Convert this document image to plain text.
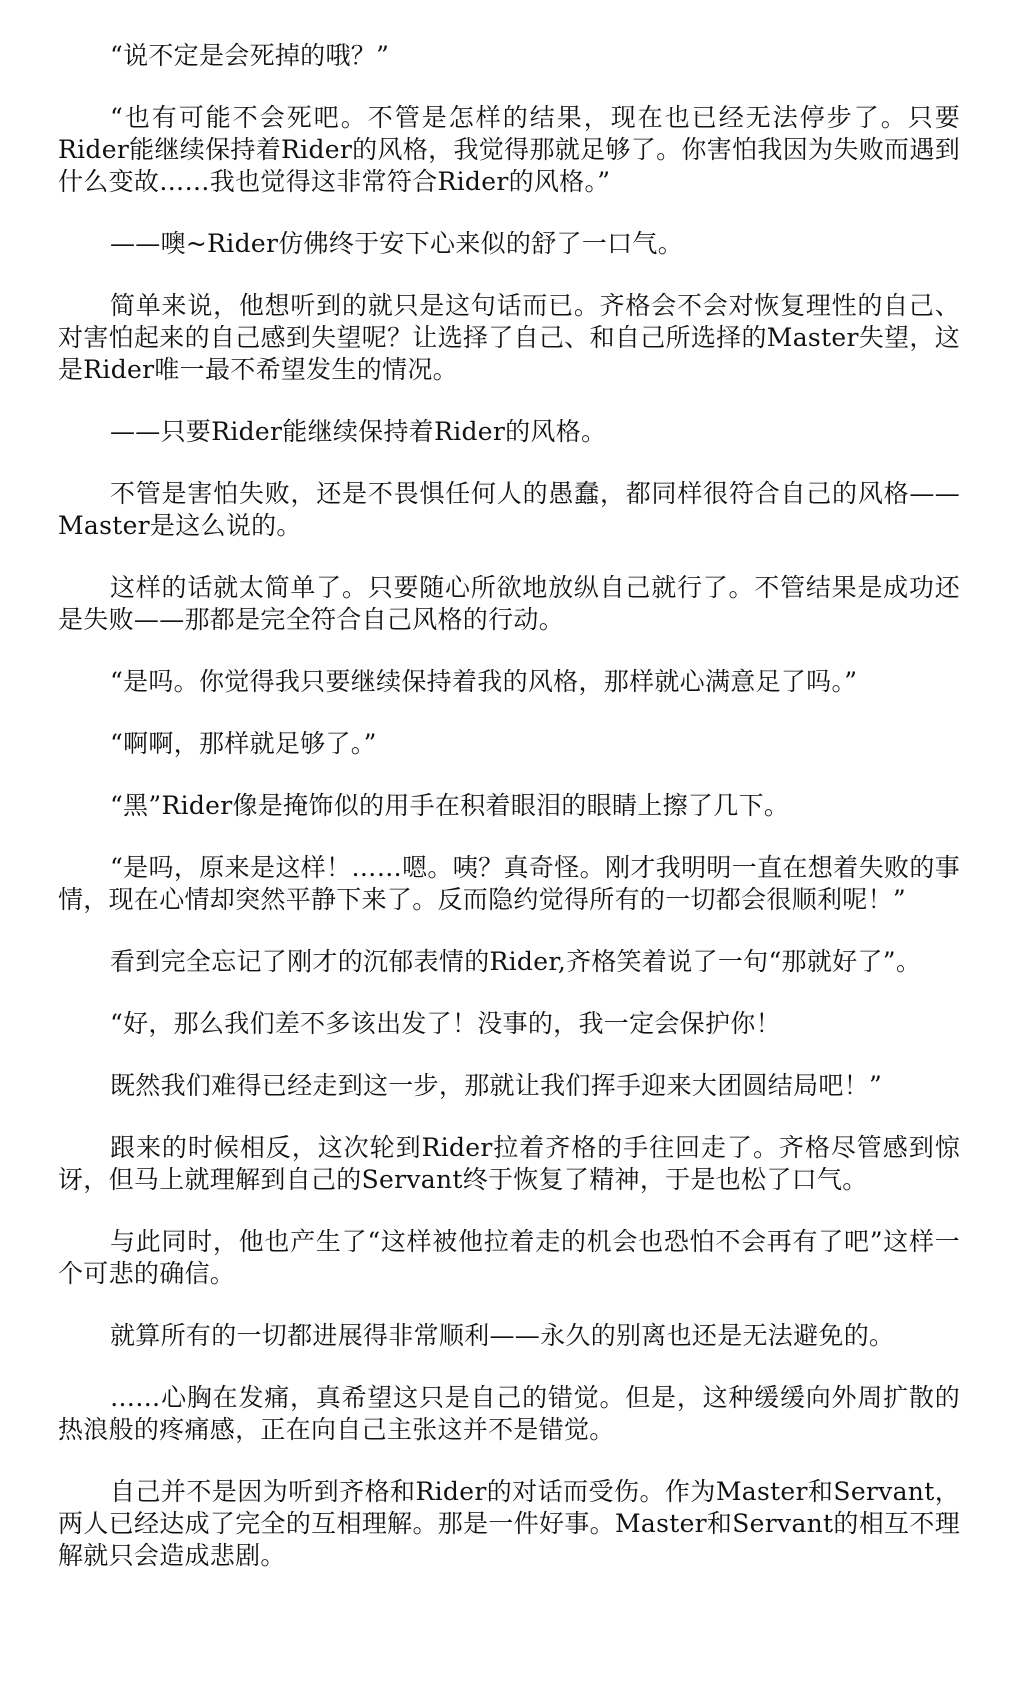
“说不定是会死掉的哦？”

“也有可能不会死吧。不管是怎样的结果，现在也已经无法停步了。只要Rider能继续保持着Rider的风格，我觉得那就足够了。你害怕我因为失败而遇到什么变故……我也觉得这非常符合Rider的风格。”

——噢~Rider仿佛终于安下心来似的舒了一口气。

简单来说，他想听到的就只是这句话而已。齐格会不会对恢复理性的自己、对害怕起来的自己感到失望呢？让选择了自己、和自己所选择的Master失望，这是Rider唯一最不希望发生的情况。

——只要Rider能继续保持着Rider的风格。

不管是害怕失败，还是不畏惧任何人的愚蠢，都同样很符合自己的风格——Master是这么说的。

这样的话就太简单了。只要随心所欲地放纵自己就行了。不管结果是成功还是失败——那都是完全符合自己风格的行动。

“是吗。你觉得我只要继续保持着我的风格，那样就心满意足了吗。”

“啊啊，那样就足够了。”

“黑”Rider像是掩饰似的用手在积着眼泪的眼睛上擦了几下。

“是吗，原来是这样！……嗯。咦？真奇怪。刚才我明明一直在想着失败的事情，现在心情却突然平静下来了。反而隐约觉得所有的一切都会很顺利呢！”

看到完全忘记了刚才的沉郁表情的Rider,齐格笑着说了一句“那就好了”。

“好，那么我们差不多该出发了！没事的，我一定会保护你！

既然我们难得已经走到这一步，那就让我们挥手迎来大团圆结局吧！”

跟来的时候相反，这次轮到Rider拉着齐格的手往回走了。齐格尽管感到惊讶，但马上就理解到自己的Servant终于恢复了精神，于是也松了口气。

与此同时，他也产生了“这样被他拉着走的机会也恐怕不会再有了吧”这样一个可悲的确信。

就算所有的一切都进展得非常顺利——永久的别离也还是无法避免的。

……心胸在发痛，真希望这只是自己的错觉。但是，这种缓缓向外周扩散的热浪般的疼痛感，正在向自己主张这并不是错觉。

自己并不是因为听到齐格和Rider的对话而受伤。作为Master和Servant，两人已经达成了完全的互相理解。那是一件好事。Master和Servant的相互不理解就只会造成悲剧。
